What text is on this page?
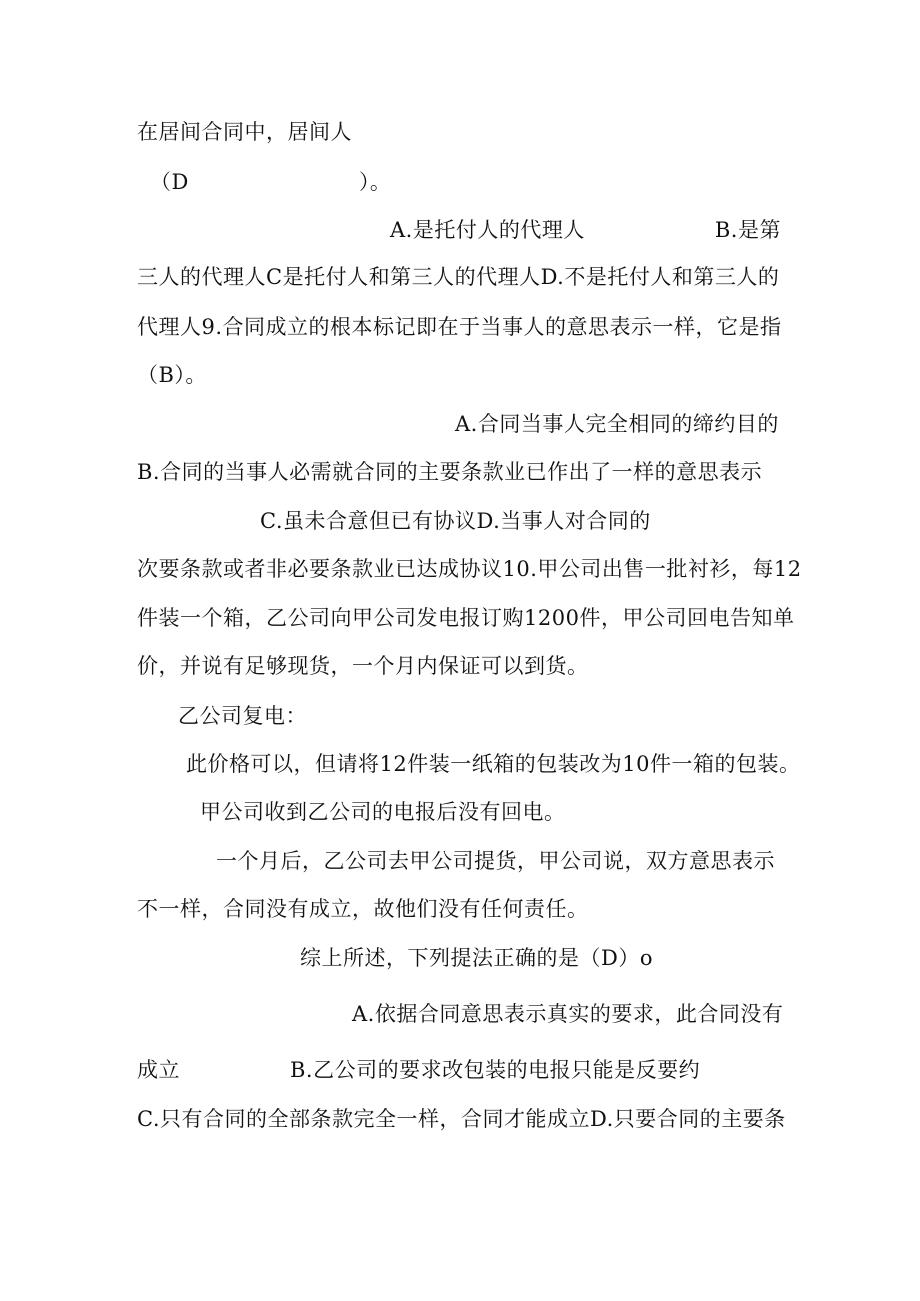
在居间合同中，居间人
（D	）。
A.是托付人的代理人	B.是第
三人的代理人C是托付人和第三人的代理人D.不是托付人和第三人的
代理人9.合同成立的根本标记即在于当事人的意思表示一样，它是指
（B）。
A.合同当事人完全相同的缔约目的
B.合同的当事人必需就合同的主要条款业已作出了一样的意思表示
C.虽未合意但已有协议D.当事人对合同的
次要条款或者非必要条款业已达成协议10.甲公司出售一批衬衫，每12
件装一个箱，乙公司向甲公司发电报订购1200件，甲公司回电告知单
价，并说有足够现货，一个月内保证可以到货。
乙公司复电：
此价格可以，但请将12件装一纸箱的包装改为10件一箱的包装。
甲公司收到乙公司的电报后没有回电。
一个月后，乙公司去甲公司提货，甲公司说，双方意思表示
不一样，合同没有成立，故他们没有任何责任。
综上所述，下列提法正确的是（D）o
A.依据合同意思表示真实的要求，此合同没有
成立	B.乙公司的要求改包装的电报只能是反要约
C.只有合同的全部条款完全一样，合同才能成立D.只要合同的主要条
